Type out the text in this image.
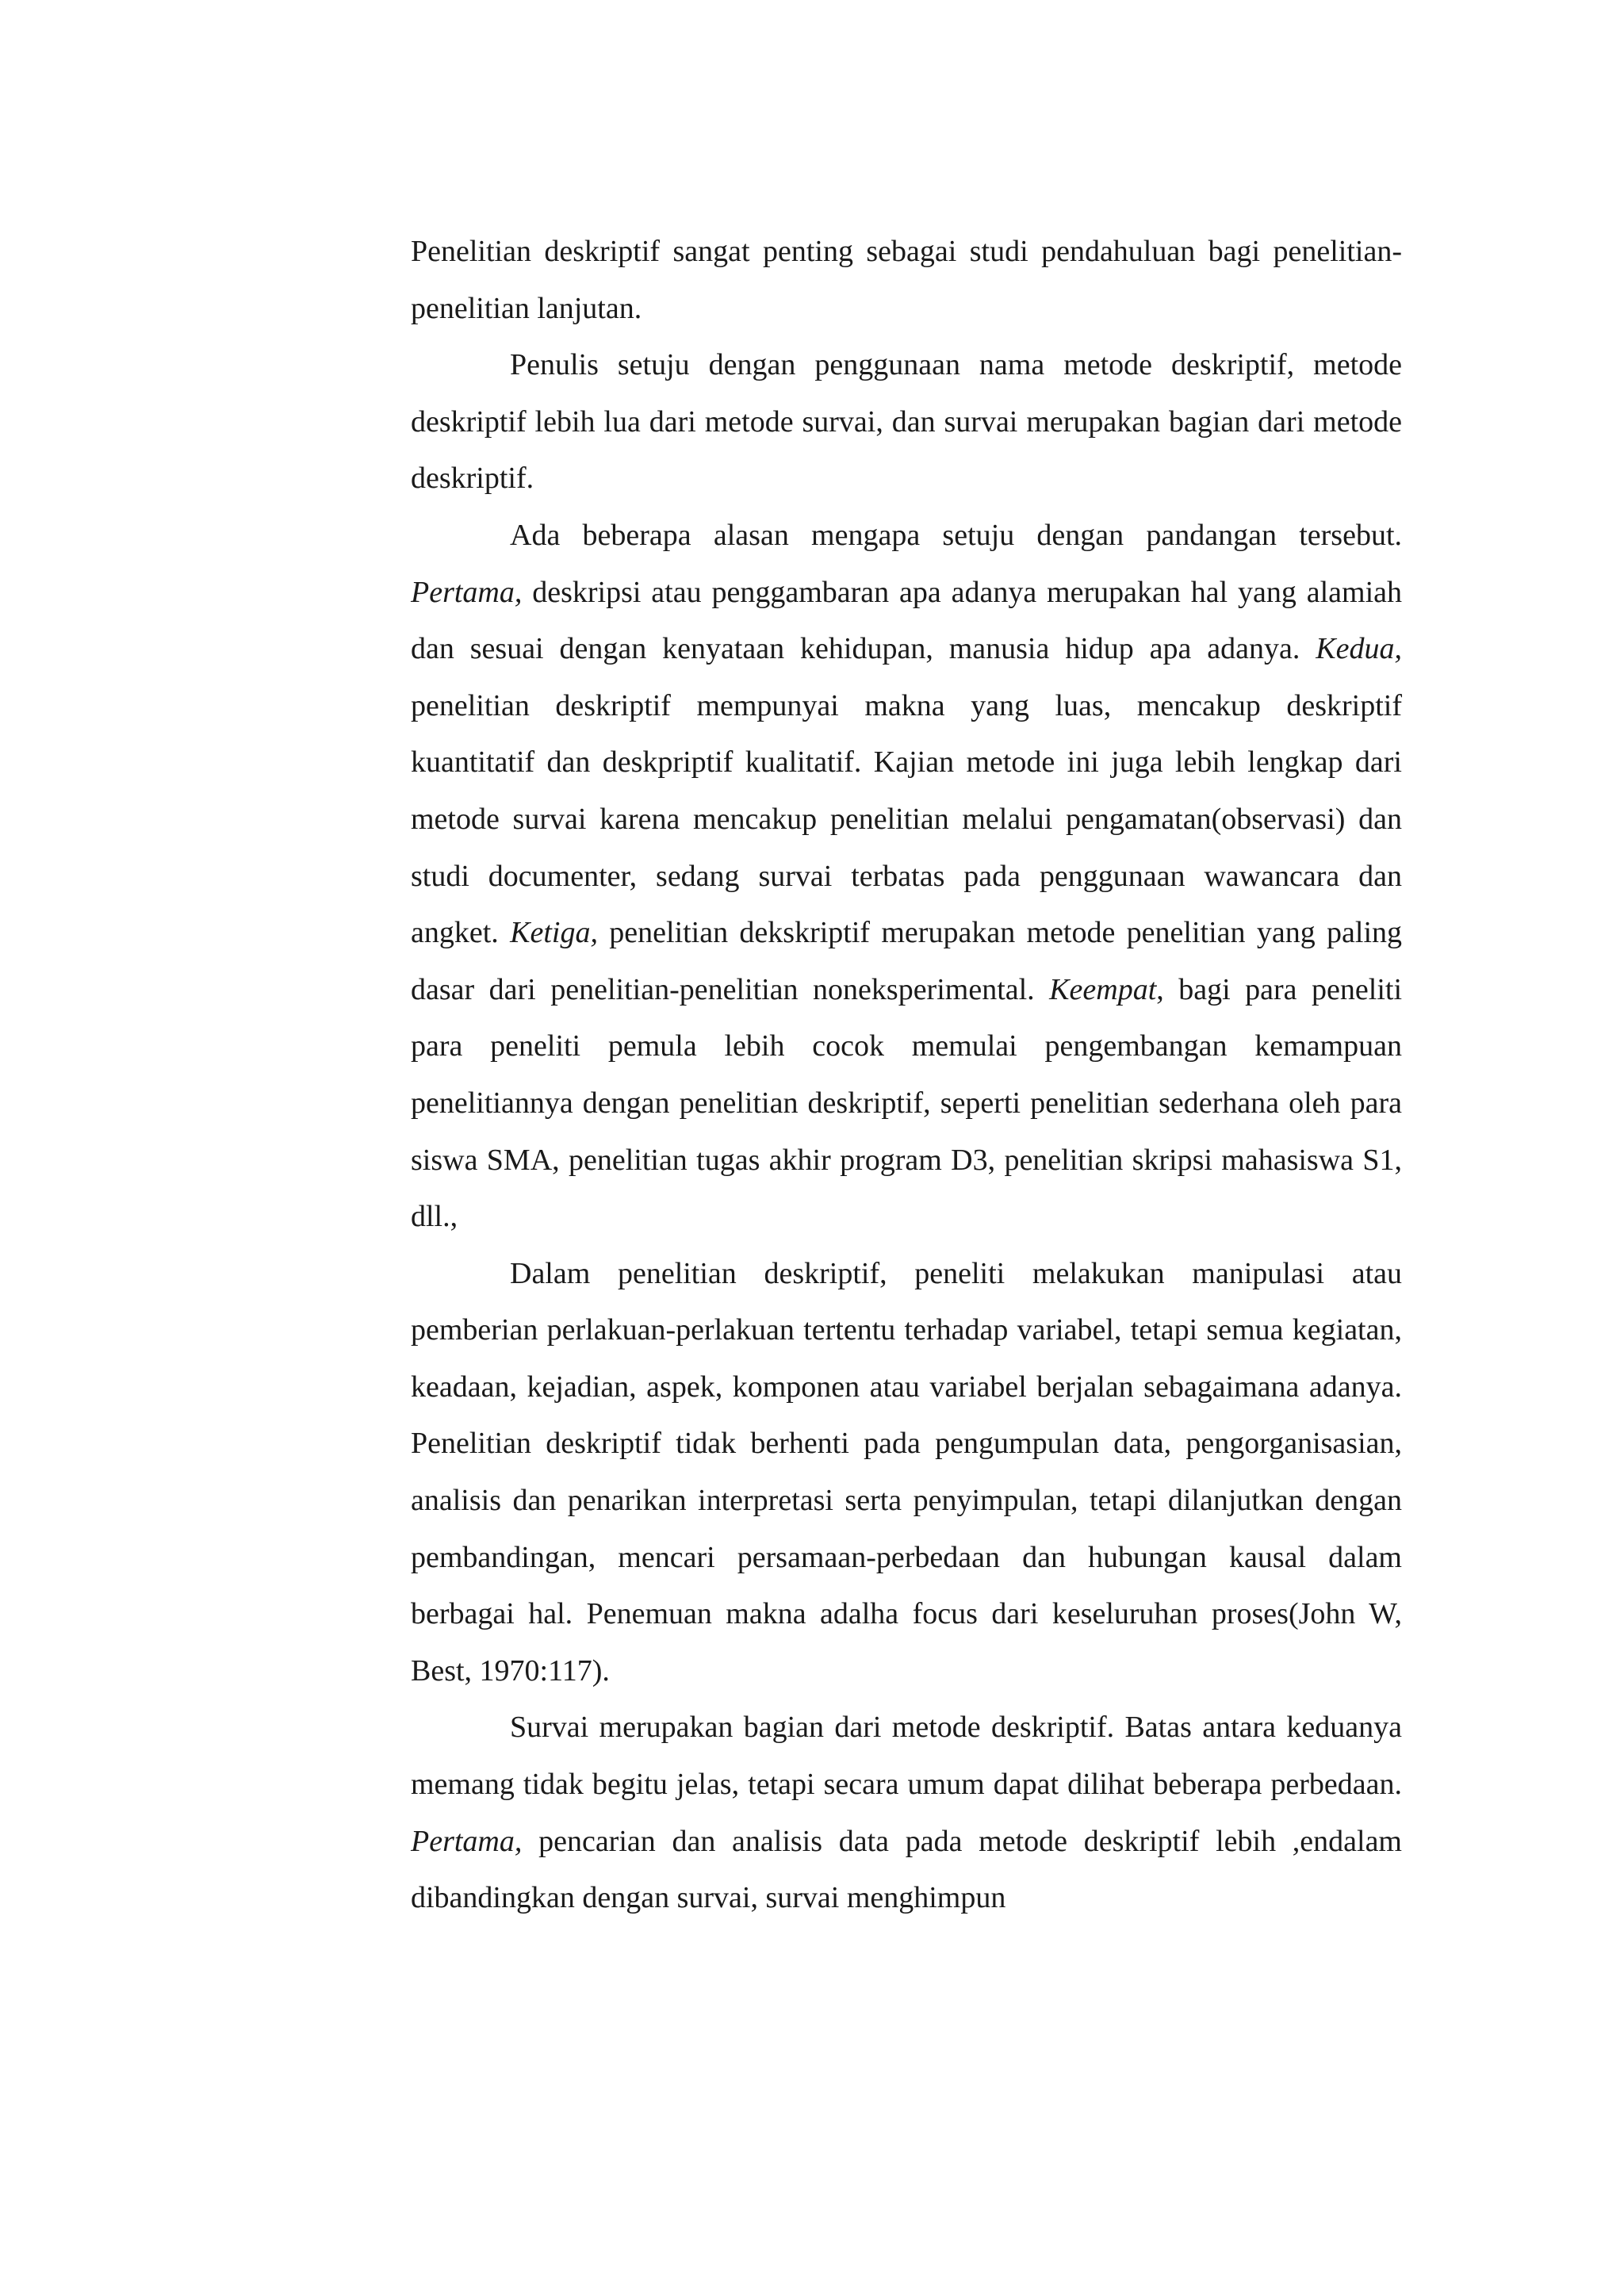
Penelitian deskriptif sangat penting sebagai studi pendahuluan bagi penelitian-penelitian lanjutan.

Penulis setuju dengan penggunaan nama metode deskriptif, metode deskriptif lebih lua dari metode survai, dan survai merupakan bagian dari metode deskriptif.

Ada beberapa alasan mengapa setuju dengan pandangan tersebut. Pertama, deskripsi atau penggambaran apa adanya merupakan hal yang alamiah dan sesuai dengan kenyataan kehidupan, manusia hidup apa adanya. Kedua, penelitian deskriptif mempunyai makna yang luas, mencakup deskriptif kuantitatif dan deskpriptif kualitatif. Kajian metode ini juga lebih lengkap dari metode survai karena mencakup penelitian melalui pengamatan(observasi) dan studi documenter, sedang survai terbatas pada penggunaan wawancara dan angket. Ketiga, penelitian dekskriptif merupakan metode penelitian yang paling dasar dari penelitian-penelitian noneksperimental. Keempat, bagi para peneliti para peneliti pemula lebih cocok memulai pengembangan kemampuan penelitiannya dengan penelitian deskriptif, seperti penelitian sederhana oleh para siswa SMA, penelitian tugas akhir program D3, penelitian skripsi mahasiswa S1, dll.,

Dalam penelitian deskriptif, peneliti melakukan manipulasi atau pemberian perlakuan-perlakuan tertentu terhadap variabel, tetapi semua kegiatan, keadaan, kejadian, aspek, komponen atau variabel berjalan sebagaimana adanya. Penelitian deskriptif tidak berhenti pada pengumpulan data, pengorganisasian, analisis dan penarikan interpretasi serta penyimpulan, tetapi dilanjutkan dengan pembandingan, mencari persamaan-perbedaan dan hubungan kausal dalam berbagai hal. Penemuan makna adalha focus dari keseluruhan proses(John W, Best, 1970:117).

Survai merupakan bagian dari metode deskriptif. Batas antara keduanya memang tidak begitu jelas, tetapi secara umum dapat dilihat beberapa perbedaan. Pertama, pencarian dan analisis data pada metode deskriptif lebih ,endalam dibandingkan dengan survai, survai menghimpun
